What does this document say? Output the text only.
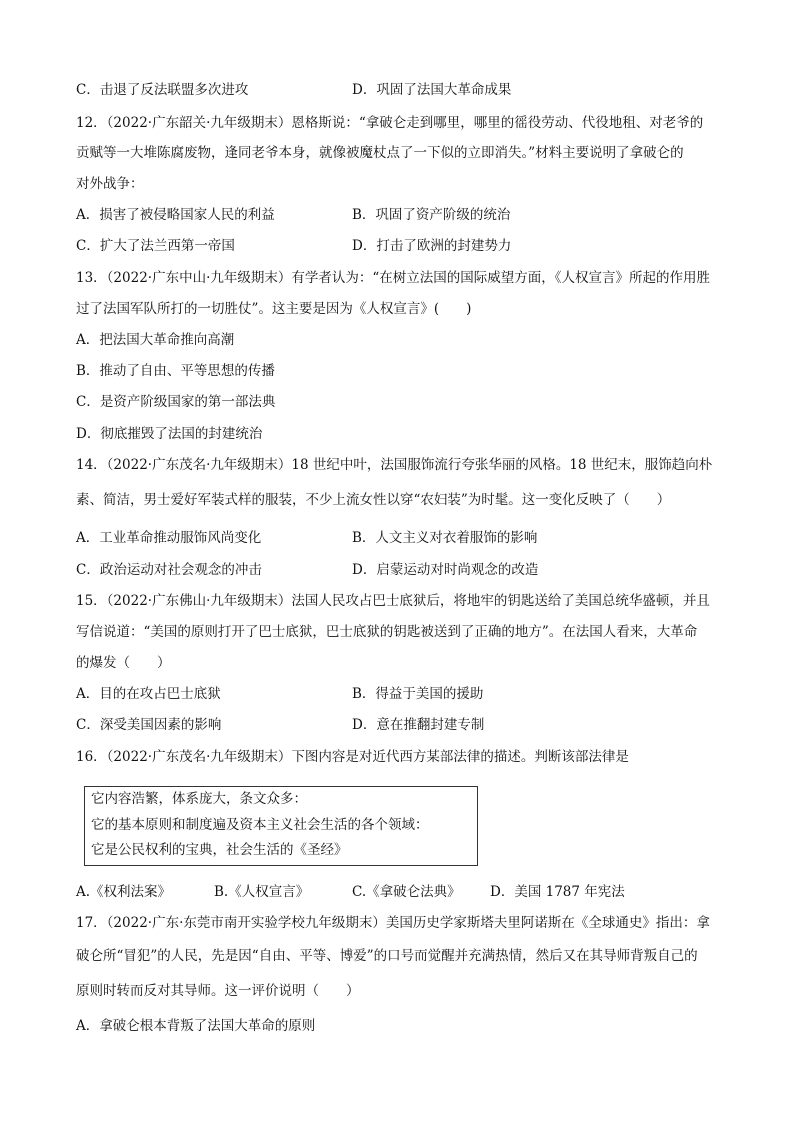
C．击退了反法联盟多次进攻	D．巩固了法国大革命成果
12．（2022·广东韶关·九年级期末）恩格斯说：“拿破仑走到哪里，哪里的徭役劳动、代役地租、对老爷的
贡赋等一大堆陈腐废物，逢同老爷本身，就像被魔杖点了一下似的立即消失。”材料主要说明了拿破仑的
对外战争：
A．损害了被侵略国家人民的利益	B．巩固了资产阶级的统治
C．扩大了法兰西第一帝国	D．打击了欧洲的封建势力
13．（2022·广东中山·九年级期末）有学者认为：“在树立法国的国际威望方面，《人权宣言》所起的作用胜
过了法国军队所打的一切胜仗”。这主要是因为《人权宣言》(　　)
A．把法国大革命推向高潮
B．推动了自由、平等思想的传播
C．是资产阶级国家的第一部法典
D．彻底摧毁了法国的封建统治
14．（2022·广东茂名·九年级期末）18 世纪中叶，法国服饰流行夸张华丽的风格。18 世纪末，服饰趋向朴
素、简洁，男士爱好军装式样的服装，不少上流女性以穿“农妇装”为时髦。这一变化反映了（　　）
A．工业革命推动服饰风尚变化	B．人文主义对衣着服饰的影响
C．政治运动对社会观念的冲击	D．启蒙运动对时尚观念的改造
15．（2022·广东佛山·九年级期末）法国人民攻占巴士底狱后，将地牢的钥匙送给了美国总统华盛顿，并且
写信说道：“美国的原则打开了巴士底狱，巴士底狱的钥匙被送到了正确的地方”。在法国人看来，大革命
的爆发（　　）
A．目的在攻占巴士底狱	B．得益于美国的援助
C．深受美国因素的影响	D．意在推翻封建专制
16．（2022·广东茂名·九年级期末）下图内容是对近代西方某部法律的描述。判断该部法律是
它内容浩繁，体系庞大，条文众多：
它的基本原则和制度遍及资本主义社会生活的各个领域：
它是公民权利的宝典，社会生活的《圣经》
A.《权利法案》	B.《人权宣言》	C.《拿破仑法典》 D．美国 1787 年宪法
17．（2022·广东·东莞市南开实验学校九年级期末）美国历史学家斯塔夫里阿诺斯在《全球通史》指出：拿
破仑所“冒犯”的人民，先是因“自由、平等、博爱”的口号而觉醒并充满热情，然后又在其导师背叛自己的
原则时转而反对其导师。这一评价说明（　　）
A．拿破仑根本背叛了法国大革命的原则
